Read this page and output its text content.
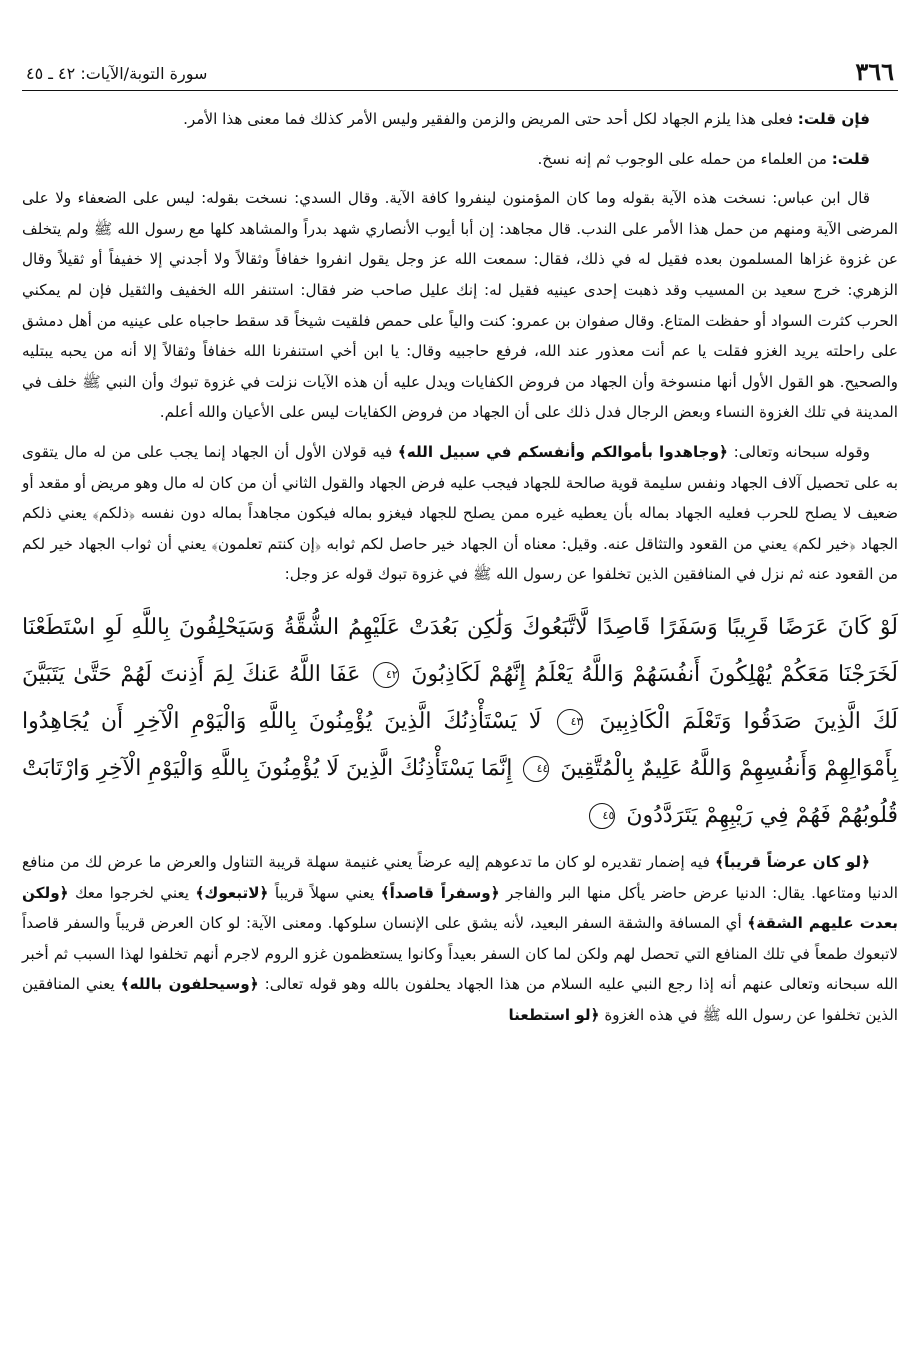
٣٦٦
سورة التوبة/الآيات: ٤٢ ـ ٤٥

فإن قلت: فعلى هذا يلزم الجهاد لكل أحد حتى المريض والزمن والفقير وليس الأمر كذلك فما معنى هذا الأمر.

قلت: من العلماء من حمله على الوجوب ثم إنه نسخ.

قال ابن عباس: نسخت هذه الآية بقوله وما كان المؤمنون لينفروا كافة الآية. وقال السدي: نسخت بقوله: ليس على الضعفاء ولا على المرضى الآية ومنهم من حمل هذا الأمر على الندب. قال مجاهد: إن أبا أيوب الأنصاري شهد بدراً والمشاهد كلها مع رسول الله ﷺ ولم يتخلف عن غزوة غزاها المسلمون بعده فقيل له في ذلك، فقال: سمعت الله عز وجل يقول انفروا خفافاً وثقالاً ولا أجدني إلا خفيفاً أو ثقيلاً وقال الزهري: خرج سعيد بن المسيب وقد ذهبت إحدى عينيه فقيل له: إنك عليل صاحب ضر فقال: استنفر الله الخفيف والثقيل فإن لم يمكني الحرب كثرت السواد أو حفظت المتاع. وقال صفوان بن عمرو: كنت والياً على حمص فلقيت شيخاً قد سقط حاجباه على عينيه من أهل دمشق على راحلته يريد الغزو فقلت يا عم أنت معذور عند الله، فرفع حاجبيه وقال: يا ابن أخي استنفرنا الله خفافاً وثقالاً إلا أنه من يحبه يبتليه والصحيح. هو القول الأول أنها منسوخة وأن الجهاد من فروض الكفايات ويدل عليه أن هذه الآيات نزلت في غزوة تبوك وأن النبي ﷺ خلف في المدينة في تلك الغزوة النساء وبعض الرجال فدل ذلك على أن الجهاد من فروض الكفايات ليس على الأعيان والله أعلم.

وقوله سبحانه وتعالى: ﴿وجاهدوا بأموالكم وأنفسكم في سبيل الله﴾ فيه قولان الأول أن الجهاد إنما يجب على من له مال يتقوى به على تحصيل آلاف الجهاد ونفس سليمة قوية صالحة للجهاد فيجب عليه فرض الجهاد والقول الثاني أن من كان له مال وهو مريض أو مقعد أو ضعيف لا يصلح للحرب فعليه الجهاد بماله بأن يعطيه غيره ممن يصلح للجهاد فيغزو بماله فيكون مجاهداً بماله دون نفسه ﴿ذلكم﴾ يعني ذلكم الجهاد ﴿خير لكم﴾ يعني من القعود والتثاقل عنه. وقيل: معناه أن الجهاد خير حاصل لكم ثوابه ﴿إن كنتم تعلمون﴾ يعني أن ثواب الجهاد خير لكم من القعود عنه ثم نزل في المنافقين الذين تخلفوا عن رسول الله ﷺ في غزوة تبوك قوله عز وجل:

لَوْ كَانَ عَرَضًا قَرِيبًا وَسَفَرًا قَاصِدًا لَّاتَّبَعُوكَ وَلَٰكِن بَعُدَتْ عَلَيْهِمُ الشُّقَّةُ وَسَيَحْلِفُونَ بِاللَّهِ لَوِ اسْتَطَعْنَا لَخَرَجْنَا مَعَكُمْ يُهْلِكُونَ أَنفُسَهُمْ وَاللَّهُ يَعْلَمُ إِنَّهُمْ لَكَاذِبُونَ ٤٢ عَفَا اللَّهُ عَنكَ لِمَ أَذِنتَ لَهُمْ حَتَّىٰ يَتَبَيَّنَ لَكَ الَّذِينَ صَدَقُوا وَتَعْلَمَ الْكَاذِبِينَ ٤٣ لَا يَسْتَأْذِنُكَ الَّذِينَ يُؤْمِنُونَ بِاللَّهِ وَالْيَوْمِ الْآخِرِ أَن يُجَاهِدُوا بِأَمْوَالِهِمْ وَأَنفُسِهِمْ وَاللَّهُ عَلِيمٌ بِالْمُتَّقِينَ ٤٤ إِنَّمَا يَسْتَأْذِنُكَ الَّذِينَ لَا يُؤْمِنُونَ بِاللَّهِ وَالْيَوْمِ الْآخِرِ وَارْتَابَتْ قُلُوبُهُمْ فَهُمْ فِي رَيْبِهِمْ يَتَرَدَّدُونَ ٤٥

﴿لو كان عرضاً قريباً﴾ فيه إضمار تقديره لو كان ما تدعوهم إليه عرضاً يعني غنيمة سهلة قريبة التناول والعرض ما عرض لك من منافع الدنيا ومتاعها. يقال: الدنيا عرض حاضر يأكل منها البر والفاجر ﴿وسفراً قاصداً﴾ يعني سهلاً قريباً ﴿لاتبعوك﴾ يعني لخرجوا معك ﴿ولكن بعدت عليهم الشقة﴾ أي المسافة والشقة السفر البعيد، لأنه يشق على الإنسان سلوكها. ومعنى الآية: لو كان العرض قريباً والسفر قاصداً لاتبعوك طمعاً في تلك المنافع التي تحصل لهم ولكن لما كان السفر بعيداً وكانوا يستعظمون غزو الروم لاجرم أنهم تخلفوا لهذا السبب ثم أخبر الله سبحانه وتعالى عنهم أنه إذا رجع النبي عليه السلام من هذا الجهاد يحلفون بالله وهو قوله تعالى: ﴿وسيحلفون بالله﴾ يعني المنافقين الذين تخلفوا عن رسول الله ﷺ في هذه الغزوة ﴿لو استطعنا
